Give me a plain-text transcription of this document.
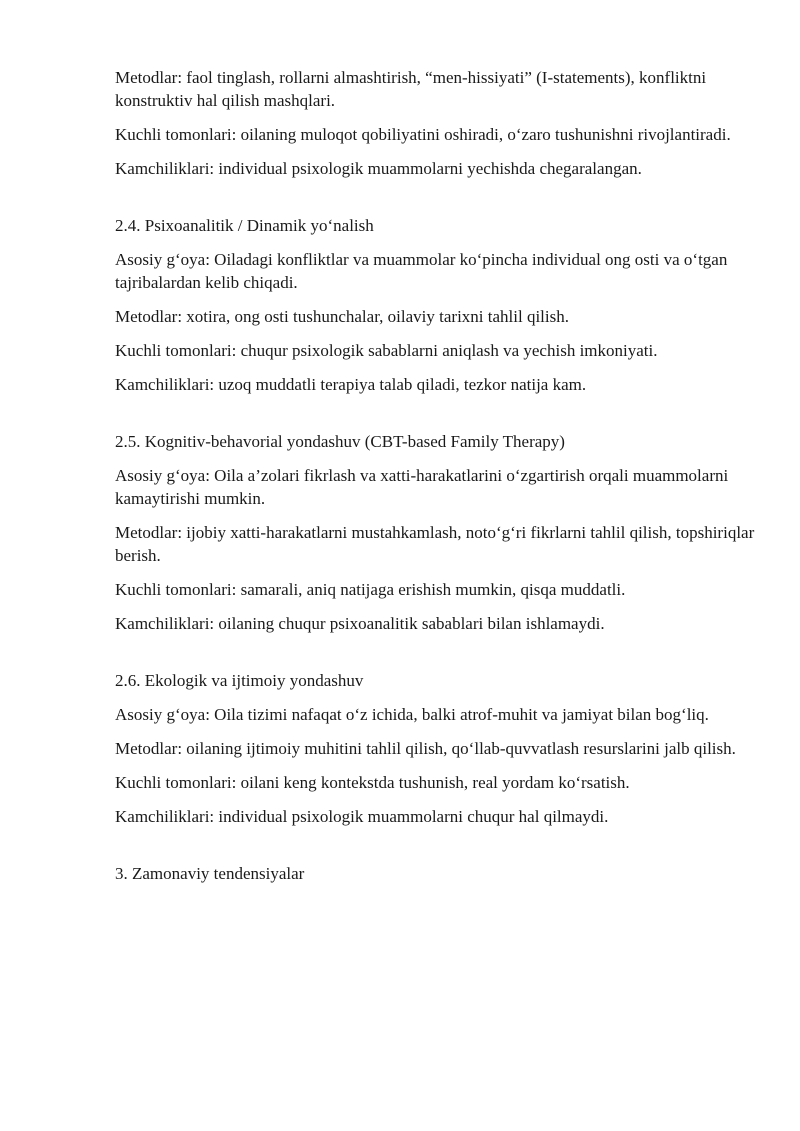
Metodlar: faol tinglash, rollarni almashtirish, “men-hissiyati” (I-statements), konfliktni konstruktiv hal qilish mashqlari.

Kuchli tomonlari: oilaning muloqot qobiliyatini oshiradi, o‘zaro tushunishni rivojlantiradi.

Kamchiliklari: individual psixologik muammolarni yechishda chegaralangan.

2.4. Psixoanalitik / Dinamik yo‘nalish

Asosiy g‘oya: Oiladagi konfliktlar va muammolar ko‘pincha individual ong osti va o‘tgan tajribalardan kelib chiqadi.

Metodlar: xotira, ong osti tushunchalar, oilaviy tarixni tahlil qilish.

Kuchli tomonlari: chuqur psixologik sabablarni aniqlash va yechish imkoniyati.

Kamchiliklari: uzoq muddatli terapiya talab qiladi, tezkor natija kam.

2.5. Kognitiv-behavorial yondashuv (CBT-based Family Therapy)

Asosiy g‘oya: Oila a’zolari fikrlash va xatti-harakatlarini o‘zgartirish orqali muammolarni kamaytirishi mumkin.

Metodlar: ijobiy xatti-harakatlarni mustahkamlash, noto‘g‘ri fikrlarni tahlil qilish, topshiriqlar berish.

Kuchli tomonlari: samarali, aniq natijaga erishish mumkin, qisqa muddatli.

Kamchiliklari: oilaning chuqur psixoanalitik sabablari bilan ishlamaydi.

2.6. Ekologik va ijtimoiy yondashuv

Asosiy g‘oya: Oila tizimi nafaqat o‘z ichida, balki atrof-muhit va jamiyat bilan bog‘liq.

Metodlar: oilaning ijtimoiy muhitini tahlil qilish, qo‘llab-quvvatlash resurslarini jalb qilish.

Kuchli tomonlari: oilani keng kontekstda tushunish, real yordam ko‘rsatish.

Kamchiliklari: individual psixologik muammolarni chuqur hal qilmaydi.

3. Zamonaviy tendensiyalar
